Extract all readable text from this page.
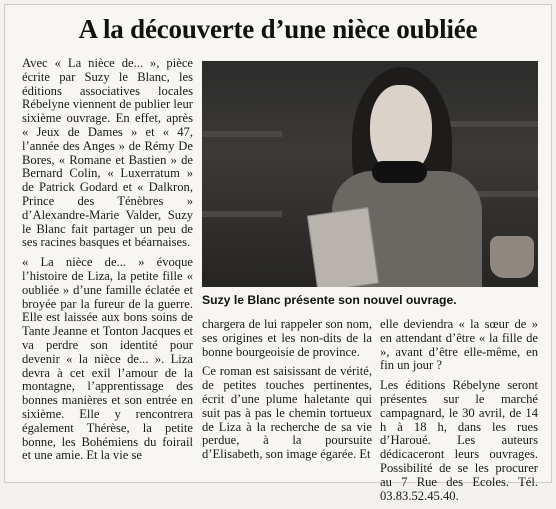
A la découverte d’une nièce oubliée

Avec « La nièce de... », pièce écrite par Suzy le Blanc, les éditions associatives locales Rébelyne viennent de publier leur sixième ouvrage. En effet, après « Jeux de Dames » et « 47, l’année des Anges » de Rémy De Bores, « Romane et Bastien » de Bernard Colin, « Luxerratum » de Patrick Godard et « Dalkron, Prince des Ténèbres » d’Alexandre-Marie Valder, Suzy le Blanc fait partager un peu de ses racines basques et béarnaises.

« La nièce de... » évoque l’histoire de Liza, la petite fille « oubliée » d’une famille éclatée et broyée par la fureur de la guerre. Elle est laissée aux bons soins de Tante Jeanne et Tonton Jacques et va perdre son identité pour devenir « la nièce de... ». Liza devra à cet exil l’amour de la montagne, l’apprentissage des bonnes manières et son entrée en sixième. Elle y rencontrera également Thérèse, la petite bonne, les Bohémiens du foirail et une amie. Et la vie se

Suzy le Blanc présente son nouvel ouvrage.

chargera de lui rappeler son nom, ses origines et les non-dits de la bonne bourgeoisie de province.

Ce roman est saisissant de vérité, de petites touches pertinentes, écrit d’une plume haletante qui suit pas à pas le chemin tortueux de Liza à la recherche de sa vie perdue, à la poursuite d’Elisabeth, son image égarée. Et

elle deviendra « la sœur de » en attendant d’être « la fille de », avant d’être elle-même, en fin un jour ?

Les éditions Rébelyne seront présentes sur le marché campagnard, le 30 avril, de 14 h à 18 h, dans les rues d’Haroué. Les auteurs dédicaceront leurs ouvrages. Possibilité de se les procurer au 7 Rue des Ecoles. Tél. 03.83.52.45.40.
